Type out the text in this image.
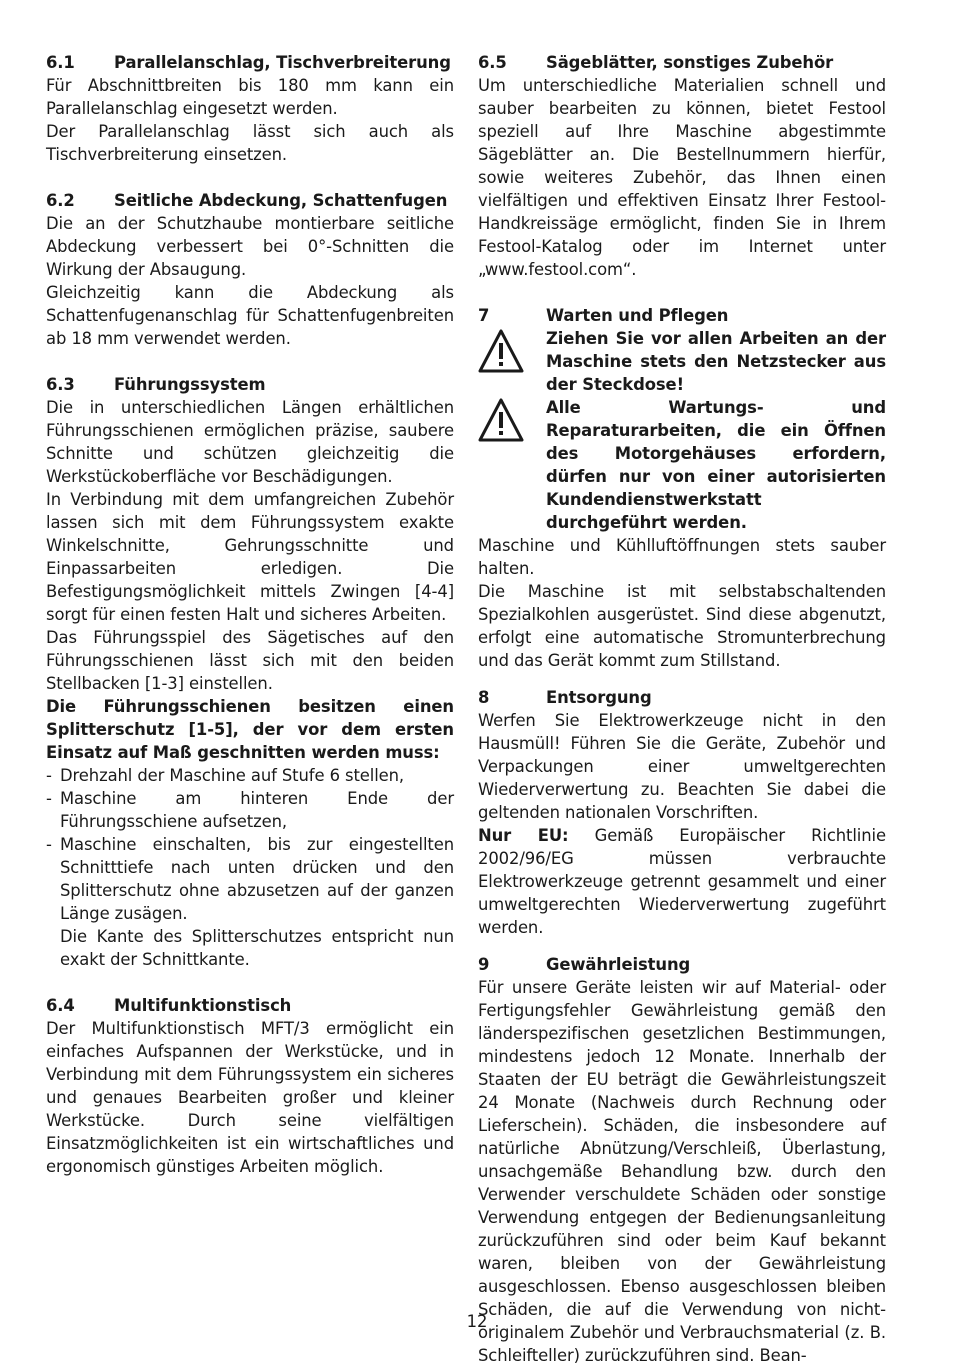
6.1	Parallelanschlag, Tischverbreiterung

Für Abschnittbreiten bis 180 mm kann ein Parallelanschlag eingesetzt werden.

Der Parallelanschlag lässt sich auch als Tischverbreiterung einsetzen.

6.2	Seitliche Abdeckung, Schattenfugen

Die an der Schutzhaube montierbare seitliche Abdeckung verbessert bei 0°-Schnitten die Wirkung der Absaugung.

Gleichzeitig kann die Abdeckung als Schattenfugenanschlag für Schattenfugenbreiten ab 18 mm verwendet werden.

6.3	Führungssystem

Die in unterschiedlichen Längen erhältlichen Führungsschienen ermöglichen präzise, saubere Schnitte und schützen gleichzeitig die Werkstückoberfläche vor Beschädigungen.

In Verbindung mit dem umfangreichen Zubehör lassen sich mit dem Führungssystem exakte Winkelschnitte, Gehrungsschnitte und Einpassarbeiten erledigen. Die Befestigungsmöglichkeit mittels Zwingen [4-4] sorgt für einen festen Halt und sicheres Arbeiten.

Das Führungsspiel des Sägetisches auf den Führungsschienen lässt sich mit den beiden Stellbacken [1-3] einstellen.

Die Führungsschienen besitzen einen Splitterschutz [1-5], der vor dem ersten Einsatz auf Maß geschnitten werden muss:

- Drehzahl der Maschine auf Stufe 6 stellen,
- Maschine am hinteren Ende der Führungsschiene aufsetzen,
- Maschine einschalten, bis zur eingestellten Schnitttiefe nach unten drücken und den Splitterschutz ohne abzusetzen auf der ganzen Länge zusägen.

Die Kante des Splitterschutzes entspricht nun exakt der Schnittkante.

6.4	Multifunktionstisch

Der Multifunktionstisch MFT/3 ermöglicht ein einfaches Aufspannen der Werkstücke, und in Verbindung mit dem Führungssystem ein sicheres und genaues Bearbeiten großer und kleiner Werkstücke. Durch seine vielfältigen Einsatzmöglichkeiten ist ein wirtschaftliches und ergonomisch günstiges Arbeiten möglich.

6.5	Sägeblätter, sonstiges Zubehör

Um unterschiedliche Materialien schnell und sauber bearbeiten zu können, bietet Festool speziell auf Ihre Maschine abgestimmte Sägeblätter an. Die Bestellnummern hierfür, sowie weiteres Zubehör, das Ihnen einen vielfältigen und effektiven Einsatz Ihrer Festool-Handkreissäge ermöglicht, finden Sie in Ihrem Festool-Katalog oder im Internet unter „www.festool.com“.

7	Warten und Pflegen
Ziehen Sie vor allen Arbeiten an der Maschine stets den Netzstecker aus der Steckdose!
Alle Wartungs- und Reparaturarbeiten, die ein Öffnen des Motorgehäuses erfordern, dürfen nur von einer autorisierten Kundendienstwerkstatt durchgeführt werden.

Maschine und Kühlluftöffnungen stets sauber halten.

Die Maschine ist mit selbstabschaltenden Spezialkohlen ausgerüstet. Sind diese abgenutzt, erfolgt eine automatische Stromunterbrechung und das Gerät kommt zum Stillstand.

8	Entsorgung

Werfen Sie Elektrowerkzeuge nicht in den Hausmüll! Führen Sie die Geräte, Zubehör und Verpackungen einer umweltgerechten Wiederverwertung zu. Beachten Sie dabei die geltenden nationalen Vorschriften.

Nur EU: Gemäß Europäischer Richtlinie 2002/96/EG müssen verbrauchte Elektrowerkzeuge getrennt gesammelt und einer umweltgerechten Wiederverwertung zugeführt werden.

9	Gewährleistung

Für unsere Geräte leisten wir auf Material- oder Fertigungsfehler Gewährleistung gemäß den länderspezifischen gesetzlichen Bestimmungen, mindestens jedoch 12 Monate. Innerhalb der Staaten der EU beträgt die Gewährleistungszeit 24 Monate (Nachweis durch Rechnung oder Lieferschein). Schäden, die insbesondere auf natürliche Abnützung/Verschleiß, Überlastung, unsachgemäße Behandlung bzw. durch den Verwender verschuldete Schäden oder sonstige Verwendung entgegen der Bedienungsanleitung zurückzuführen sind oder beim Kauf bekannt waren, bleiben von der Gewährleistung ausgeschlossen. Ebenso ausgeschlossen bleiben Schäden, die auf die Verwendung von nicht-originalem Zubehör und Verbrauchsmaterial (z. B. Schleifteller) zurückzuführen sind. Bean-

12
